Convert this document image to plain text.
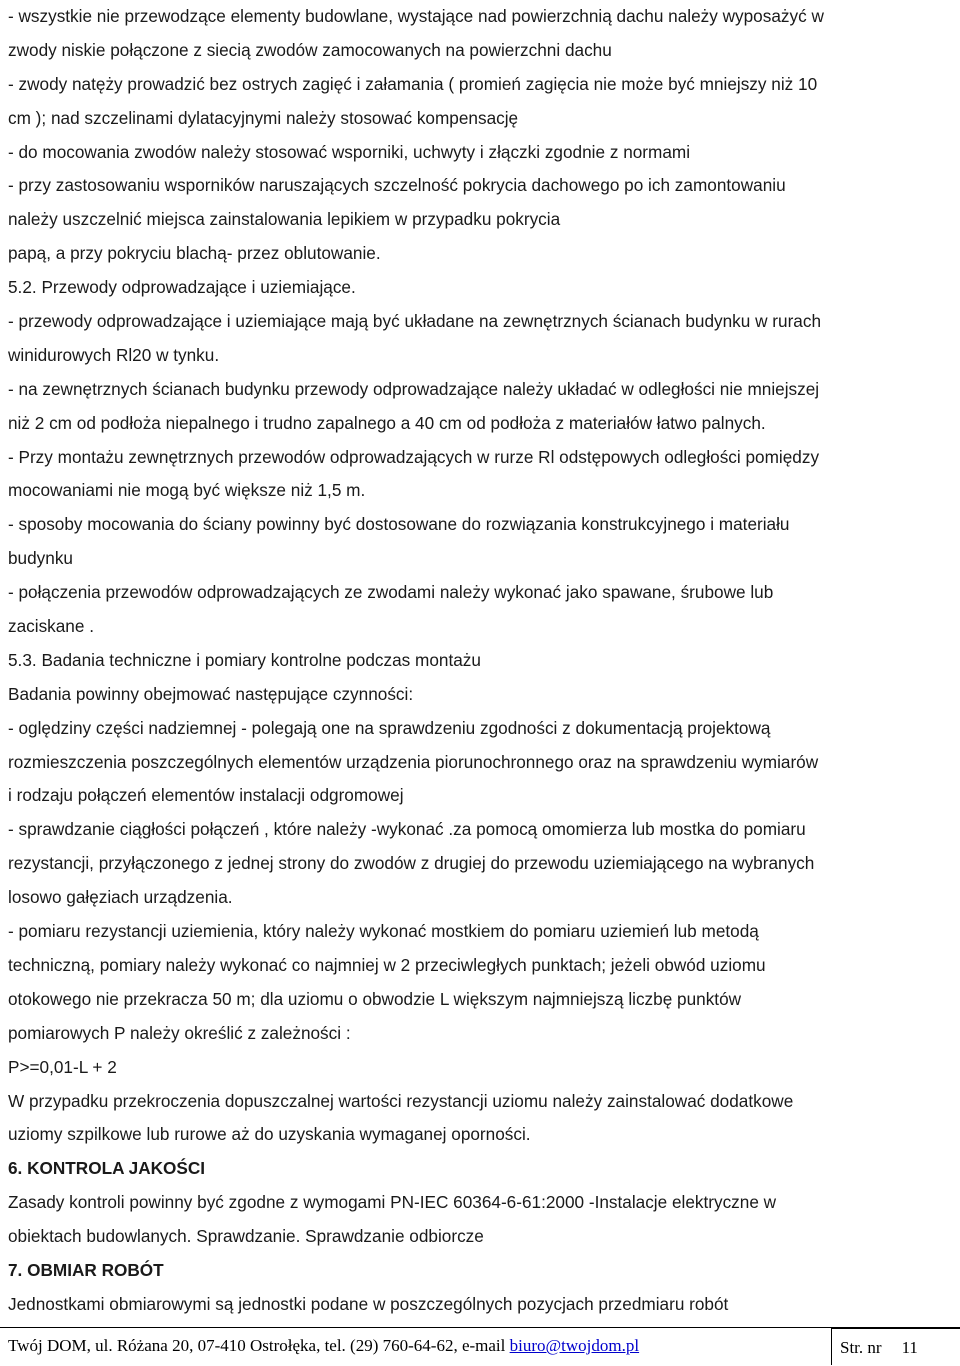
- wszystkie nie przewodzące elementy budowlane, wystające nad powierzchnią dachu należy wyposażyć w
zwody niskie połączone z siecią zwodów zamocowanych na powierzchni dachu
- zwody natęży prowadzić bez ostrych zagięć i załamania ( promień zagięcia nie może być mniejszy niż 10
cm ); nad szczelinami dylatacyjnymi należy stosować kompensację
- do mocowania zwodów należy stosować wsporniki, uchwyty i złączki zgodnie z normami
- przy zastosowaniu wsporników naruszających szczelność pokrycia dachowego po ich zamontowaniu
należy uszczelnić miejsca zainstalowania lepikiem w przypadku pokrycia
papą, a przy pokryciu blachą- przez oblutowanie.
5.2. Przewody odprowadzające i uziemiające.
- przewody odprowadzające i uziemiające mają być układane na zewnętrznych ścianach budynku w rurach
winidurowych Rl20 w tynku.
- na zewnętrznych ścianach budynku przewody odprowadzające należy układać w odległości nie mniejszej
niż 2 cm od podłoża niepalnego i trudno zapalnego a 40 cm od podłoża z materiałów łatwo palnych.
- Przy montażu zewnętrznych przewodów odprowadzających w rurze Rl odstępowych odległości pomiędzy
mocowaniami nie mogą być większe niż 1,5 m.
- sposoby mocowania do ściany powinny być dostosowane do rozwiązania konstrukcyjnego i materiału
budynku
- połączenia przewodów odprowadzających ze zwodami należy wykonać jako spawane, śrubowe lub
zaciskane .
5.3. Badania techniczne i pomiary kontrolne podczas montażu
Badania powinny obejmować następujące czynności:
- oględziny części nadziemnej - polegają one na sprawdzeniu zgodności z dokumentacją projektową
rozmieszczenia poszczególnych elementów urządzenia piorunochronnego oraz na sprawdzeniu wymiarów
i rodzaju połączeń elementów instalacji odgromowej
- sprawdzanie ciągłości połączeń , które należy -wykonać .za pomocą omomierza lub mostka do pomiaru
rezystancji, przyłączonego z jednej strony do zwodów z drugiej do przewodu uziemiającego na wybranych
losowo gałęziach urządzenia.
- pomiaru rezystancji uziemienia, który należy wykonać mostkiem do pomiaru uziemień lub metodą
techniczną, pomiary należy wykonać co najmniej w 2 przeciwległych punktach; jeżeli obwód uziomu
otokowego nie przekracza 50 m; dla uziomu o obwodzie L większym najmniejszą liczbę punktów
pomiarowych P należy określić z zależności :
P>=0,01-L + 2
W przypadku przekroczenia dopuszczalnej wartości rezystancji uziomu należy zainstalować dodatkowe
uziomy szpilkowe lub rurowe aż do uzyskania wymaganej oporności.
6. KONTROLA JAKOŚCI
Zasady kontroli powinny być zgodne z wymogami PN-IEC 60364-6-61:2000 -Instalacje elektryczne w
obiektach budowlanych. Sprawdzanie. Sprawdzanie odbiorcze
7. OBMIAR ROBÓT
Jednostkami obmiarowymi są jednostki podane w poszczególnych pozycjach przedmiaru robót
Twój DOM, ul. Różana 20, 07-410 Ostrołęka, tel. (29) 760-64-62, e-mail biuro@twojdom.pl	Str. nr 11
